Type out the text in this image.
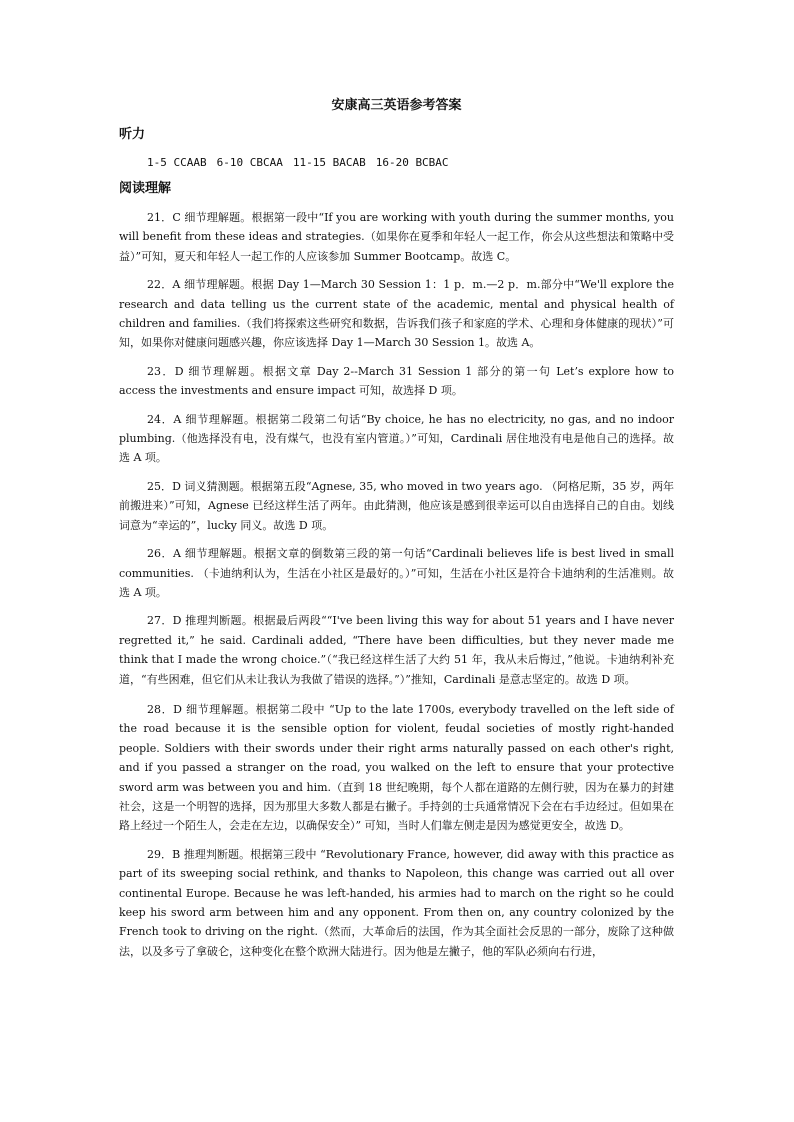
安康高三英语参考答案
听力
1-5 CCAAB 6-10 CBCAA 11-15 BACAB 16-20 BCBAC
阅读理解

21．C 细节理解题。根据第一段中“If you are working with youth during the summer months, you will benefit from these ideas and strategies.（如果你在夏季和年轻人一起工作，你会从这些想法和策略中受益）”可知，夏天和年轻人一起工作的人应该参加 Summer Bootcamp。故选 C。

22．A 细节理解题。根据 Day 1—March 30 Session 1：1 p．m.—2 p．m.部分中“We'll explore the research and data telling us the current state of the academic, mental and physical health of children and families.（我们将探索这些研究和数据，告诉我们孩子和家庭的学术、心理和身体健康的现状）”可知，如果你对健康问题感兴趣，你应该选择 Day 1—March 30 Session 1。故选 A。

23．D 细节理解题。根据文章 Day 2--March 31 Session 1 部分的第一句 Let’s explore how to access the investments and ensure impact 可知，故选择 D 项。

24．A 细节理解题。根据第二段第二句话“By choice, he has no electricity, no gas, and no indoor plumbing.（他选择没有电，没有煤气，也没有室内管道。）”可知，Cardinali 居住地没有电是他自己的选择。故选 A 项。

25．D 词义猜测题。根据第五段“Agnese, 35, who moved in two years ago. （阿格尼斯，35 岁，两年前搬进来）”可知，Agnese 已经这样生活了两年。由此猜测，他应该是感到很幸运可以自由选择自己的自由。划线词意为“幸运的”，lucky 同义。故选 D 项。

26．A 细节理解题。根据文章的倒数第三段的第一句话“Cardinali believes life is best lived in small communities. （卡迪纳利认为，生活在小社区是最好的。）”可知，生活在小社区是符合卡迪纳利的生活准则。故选 A 项。

27．D 推理判断题。根据最后两段““I've been living this way for about 51 years and I have never regretted it,” he said. Cardinali added, “There have been difficulties, but they never made me think that I made the wrong choice.”（“我已经这样生活了大约 51 年，我从未后悔过，”他说。卡迪纳利补充道，“有些困难，但它们从未让我认为我做了错误的选择。”）”推知，Cardinali 是意志坚定的。故选 D 项。

28．D 细节理解题。根据第二段中 “Up to the late 1700s, everybody travelled on the left side of the road because it is the sensible option for violent, feudal societies of mostly right-handed people. Soldiers with their swords under their right arms naturally passed on each other's right, and if you passed a stranger on the road, you walked on the left to ensure that your protective sword arm was between you and him.（直到 18 世纪晚期，每个人都在道路的左侧行驶，因为在暴力的封建社会，这是一个明智的选择，因为那里大多数人都是右撇子。手持剑的士兵通常情况下会在右手边经过。但如果在路上经过一个陌生人，会走在左边，以确保安全）” 可知，当时人们靠左侧走是因为感觉更安全，故选 D。

29．B 推理判断题。根据第三段中 “Revolutionary France, however, did away with this practice as part of its sweeping social rethink, and thanks to Napoleon, this change was carried out all over continental Europe. Because he was left-handed, his armies had to march on the right so he could keep his sword arm between him and any opponent. From then on, any country colonized by the French took to driving on the right.（然而，大革命后的法国，作为其全面社会反思的一部分，废除了这种做法，以及多亏了拿破仑，这种变化在整个欧洲大陆进行。因为他是左撇子，他的军队必须向右行进，
